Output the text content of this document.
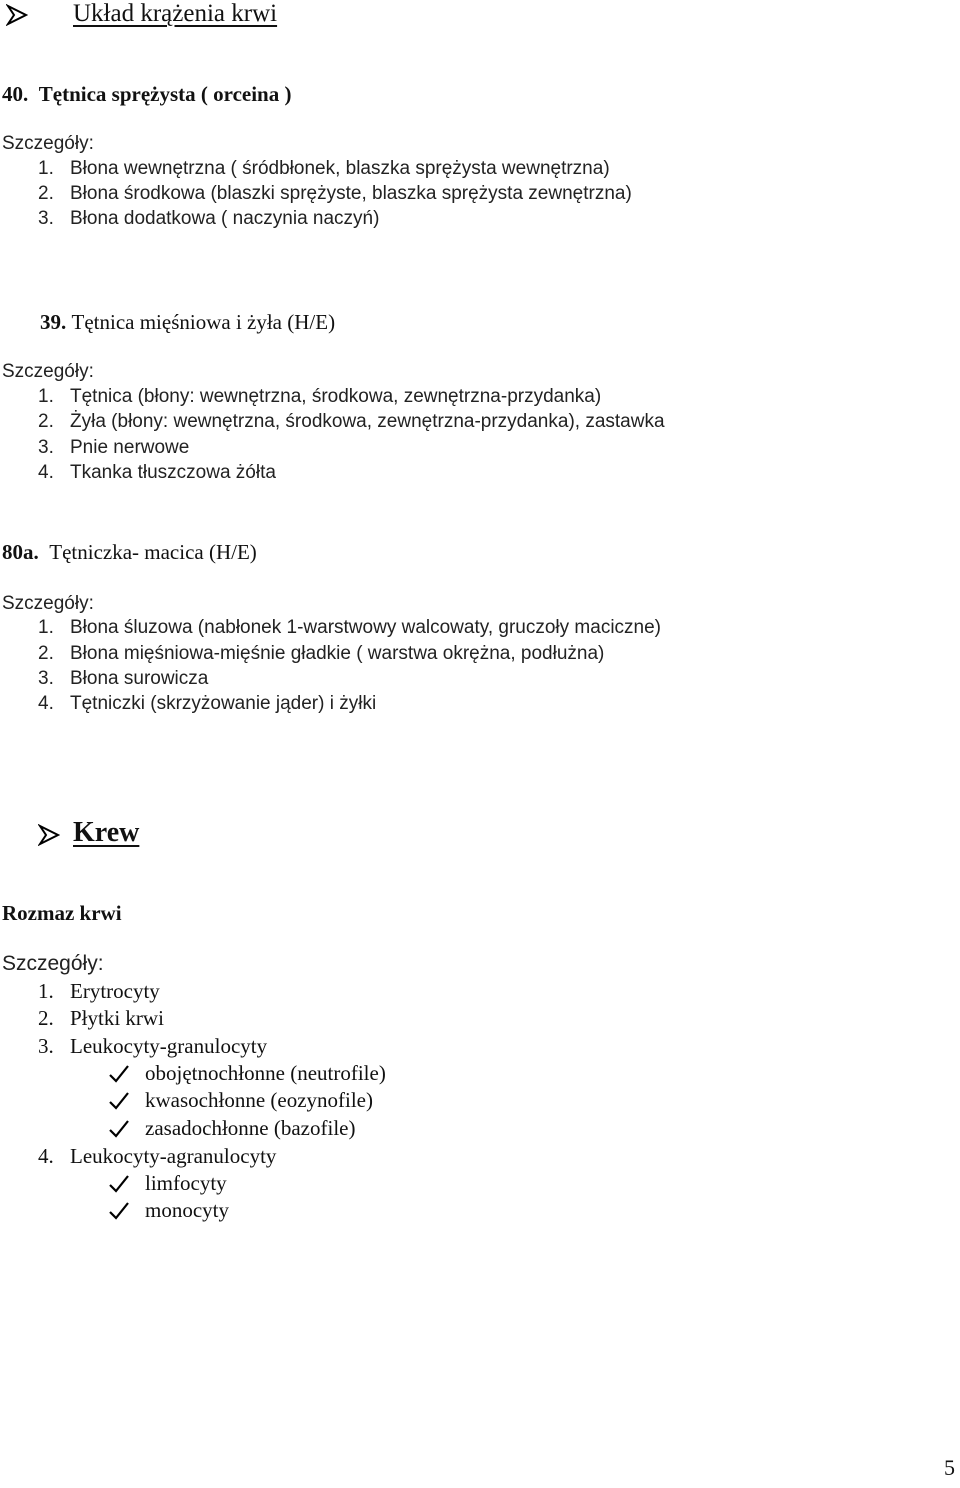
Układ krążenia krwi
40. Tętnica sprężysta ( orceina )
Szczegóły:
1. Błona wewnętrzna ( śródbłonek, blaszka sprężysta wewnętrzna)
2. Błona środkowa (blaszki sprężyste, blaszka sprężysta zewnętrzna)
3. Błona dodatkowa ( naczynia naczyń)
39. Tętnica mięśniowa i żyła (H/E)
Szczegóły:
1. Tętnica (błony: wewnętrzna, środkowa, zewnętrzna-przydanka)
2. Żyła (błony: wewnętrzna, środkowa, zewnętrzna-przydanka), zastawka
3. Pnie nerwowe
4. Tkanka tłuszczowa żółta
80a. Tętniczka- macica (H/E)
Szczegóły:
1. Błona śluzowa (nabłonek 1-warstwowy walcowaty, gruczoły maciczne)
2. Błona mięśniowa-mięśnie gładkie ( warstwa okrężna, podłużna)
3. Błona surowicza
4. Tętniczki (skrzyżowanie jąder) i żyłki
Krew
Rozmaz krwi
Szczegóły:
1. Erytrocyty
2. Płytki krwi
3. Leukocyty-granulocyty
obojętnochłonne (neutrofile)
kwasochłonne (eozynofile)
zasadochłonne (bazofile)
4. Leukocyty-agranulocyty
limfocyty
monocyty
5
